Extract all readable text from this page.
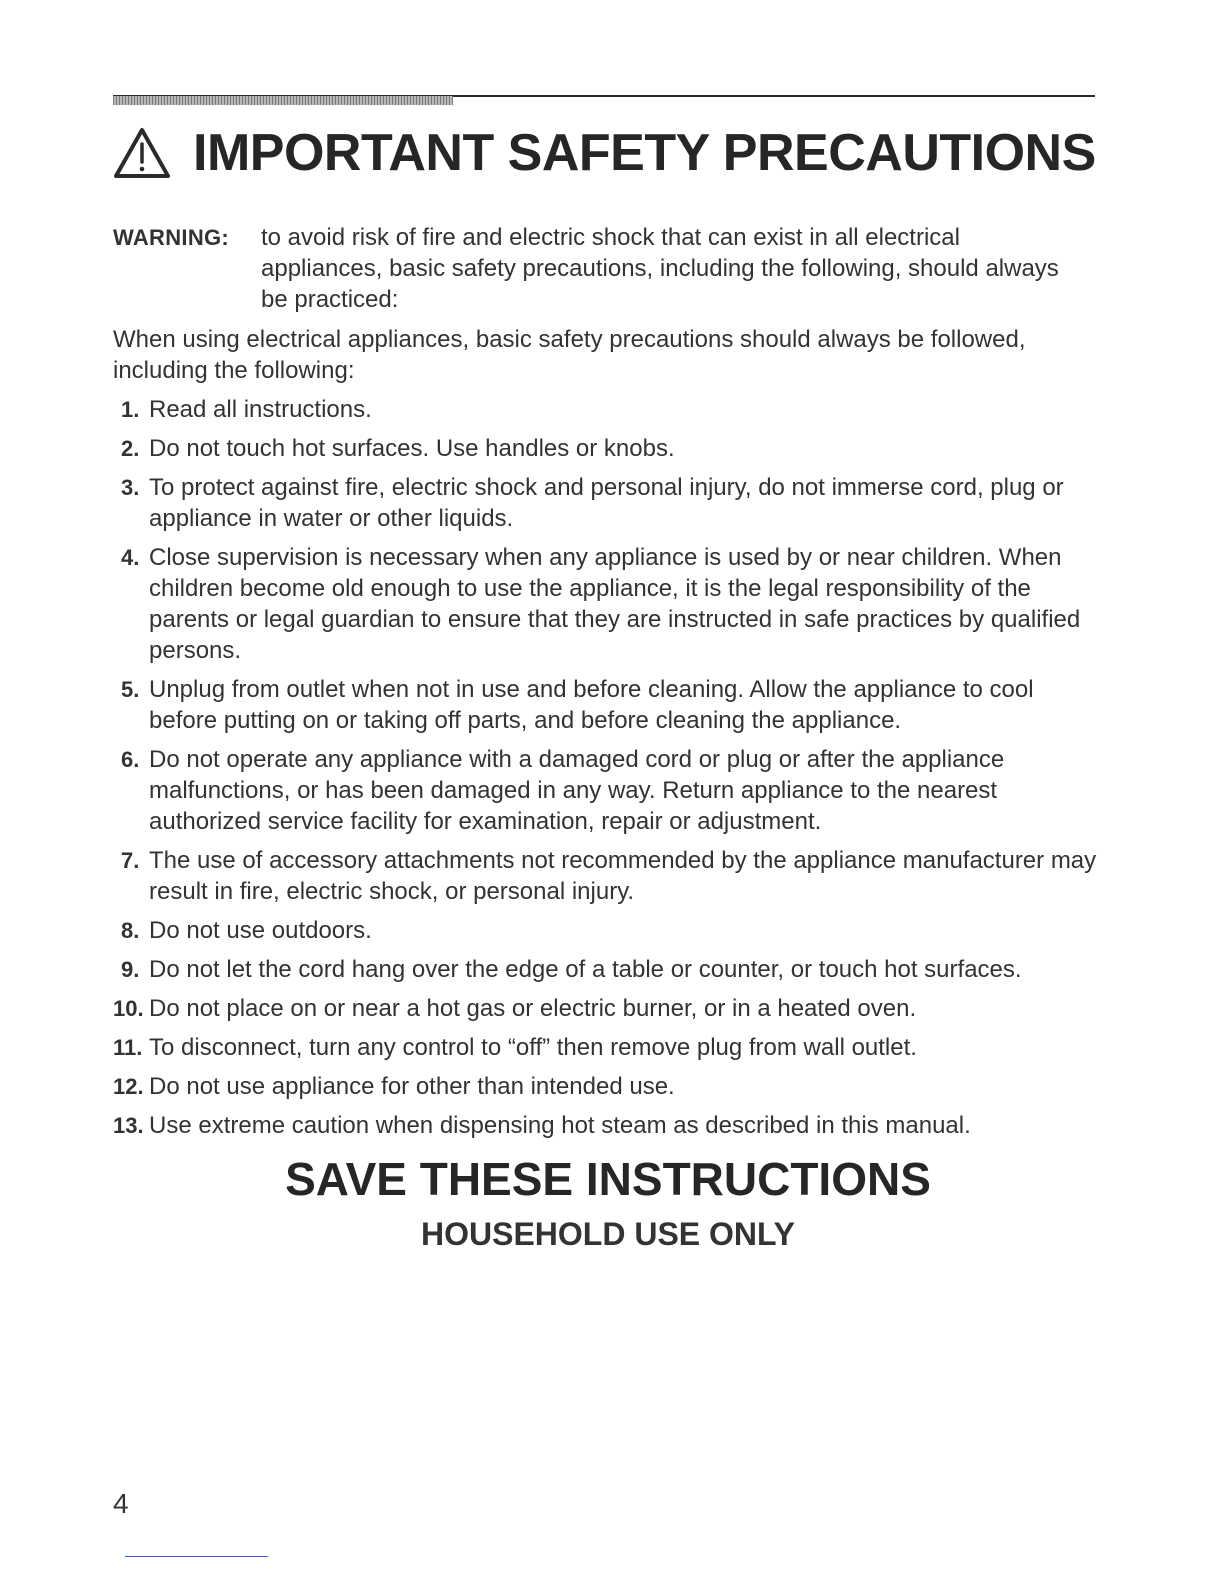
IMPORTANT SAFETY PRECAUTIONS
WARNING: to avoid risk of fire and electric shock that can exist in all electrical appliances, basic safety precautions, including the following, should always be practiced:
When using electrical appliances, basic safety precautions should always be followed, including the following:
1. Read all instructions.
2. Do not touch hot surfaces. Use handles or knobs.
3. To protect against fire, electric shock and personal injury, do not immerse cord, plug or appliance in water or other liquids.
4. Close supervision is necessary when any appliance is used by or near children. When children become old enough to use the appliance, it is the legal responsibility of the parents or legal guardian to ensure that they are instructed in safe practices by qualified persons.
5. Unplug from outlet when not in use and before cleaning. Allow the appliance to cool before putting on or taking off parts, and before cleaning the appliance.
6. Do not operate any appliance with a damaged cord or plug or after the appliance malfunctions, or has been damaged in any way. Return appliance to the nearest authorized service facility for examination, repair or adjustment.
7. The use of accessory attachments not recommended by the appliance manufacturer may result in fire, electric shock, or personal injury.
8. Do not use outdoors.
9. Do not let the cord hang over the edge of a table or counter, or touch hot surfaces.
10. Do not place on or near a hot gas or electric burner, or in a heated oven.
11. To disconnect, turn any control to “off” then remove plug from wall outlet.
12. Do not use appliance for other than intended use.
13. Use extreme caution when dispensing hot steam as described in this manual.
SAVE THESE INSTRUCTIONS
HOUSEHOLD USE ONLY
4
